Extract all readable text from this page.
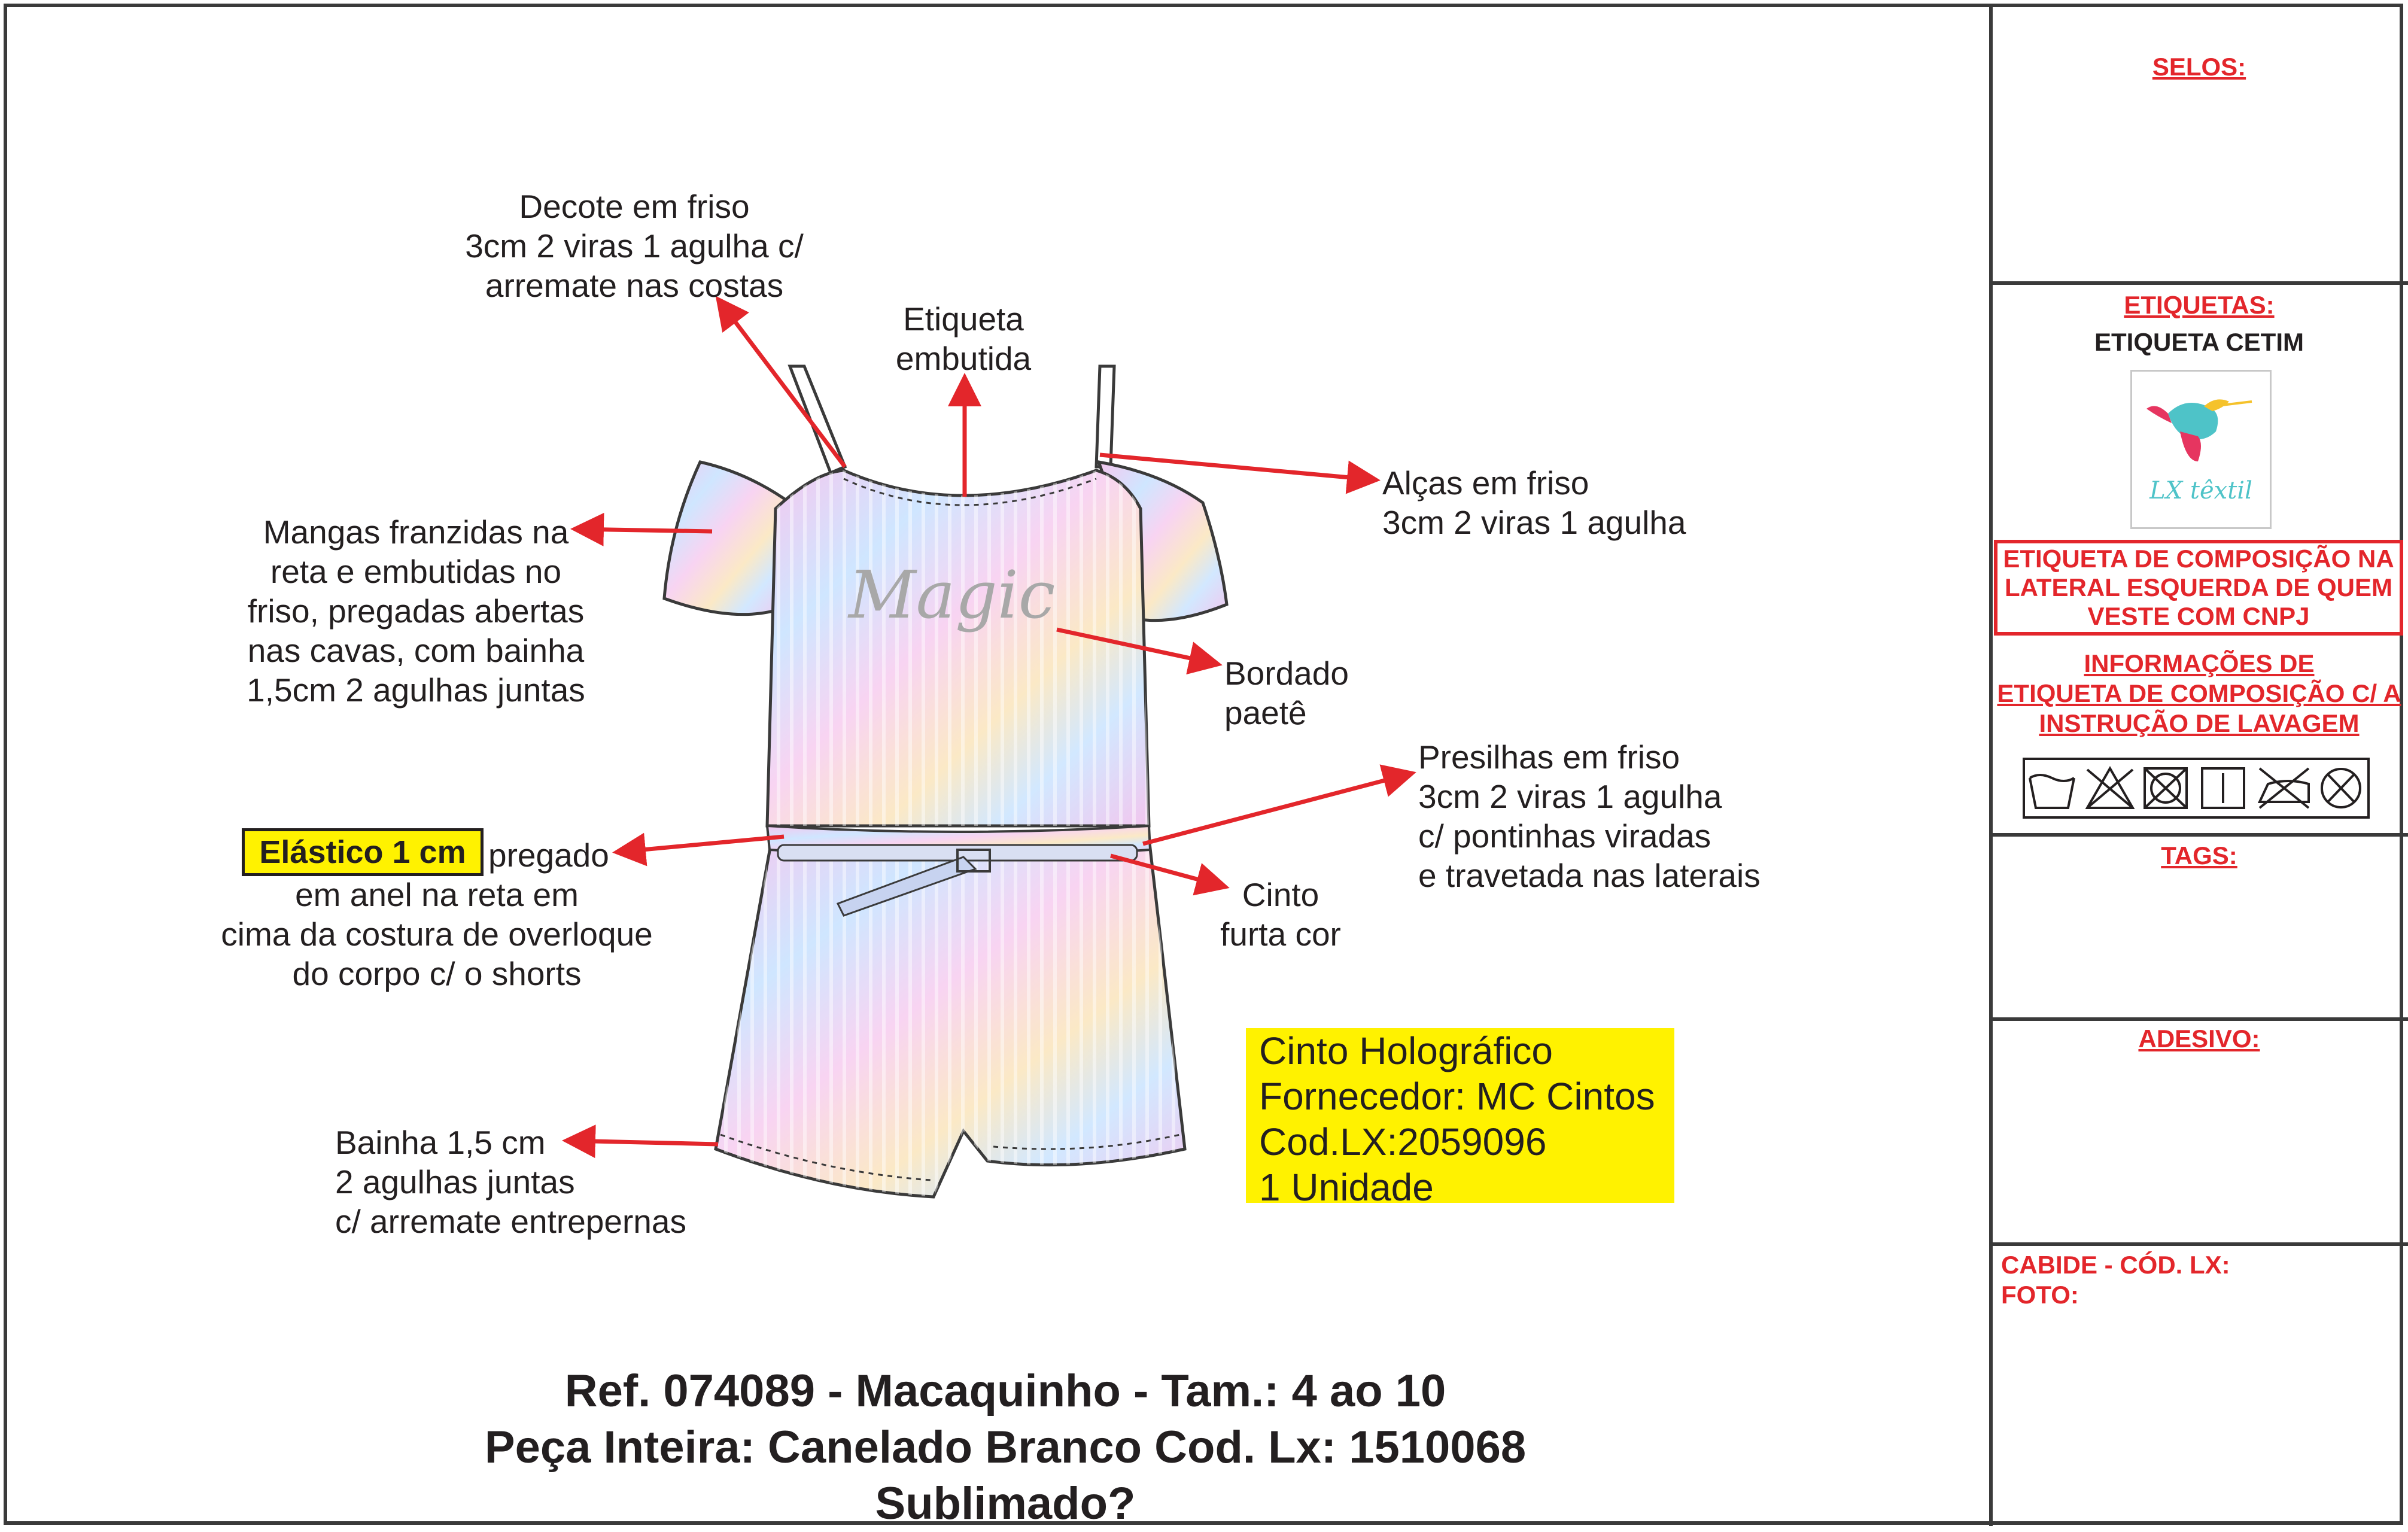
Magic
Decote em friso
3cm 2 viras 1 agulha c/
arremate nas costas
Etiqueta
embutida
Alças em friso
3cm 2 viras 1 agulha
Mangas franzidas na
reta e embutidas no
friso, pregadas abertas
nas cavas, com bainha
1,5cm 2 agulhas juntas	Bordado
paetê
Presilhas em friso
3cm 2 viras 1 agulha
c/ pontinhas viradas
e travetada nas laterais
Elástico 1 cm pregado
em anel na reta em
cima da costura de overloque
do corpo c/ o shorts
Cinto
furta cor
Bainha 1,5 cm
2 agulhas juntas
c/ arremate entrepernas
Cinto Holográfico
Fornecedor: MC Cintos
Cod.LX:2059096
1 Unidade
Ref. 074089 - Macaquinho - Tam.: 4 ao 10
Peça Inteira: Canelado Branco Cod. Lx: 1510068
Sublimado?
SELOS:
ETIQUETAS:
ETIQUETA CETIM
LX têxtil
ETIQUETA DE COMPOSIÇÃO NA
LATERAL ESQUERDA DE QUEM
VESTE COM CNPJ
INFORMAÇÕES DE
ETIQUETA DE COMPOSIÇÃO C/ A
INSTRUÇÃO DE LAVAGEM
TAGS:
ADESIVO:
CABIDE - CÓD. LX:
FOTO:
